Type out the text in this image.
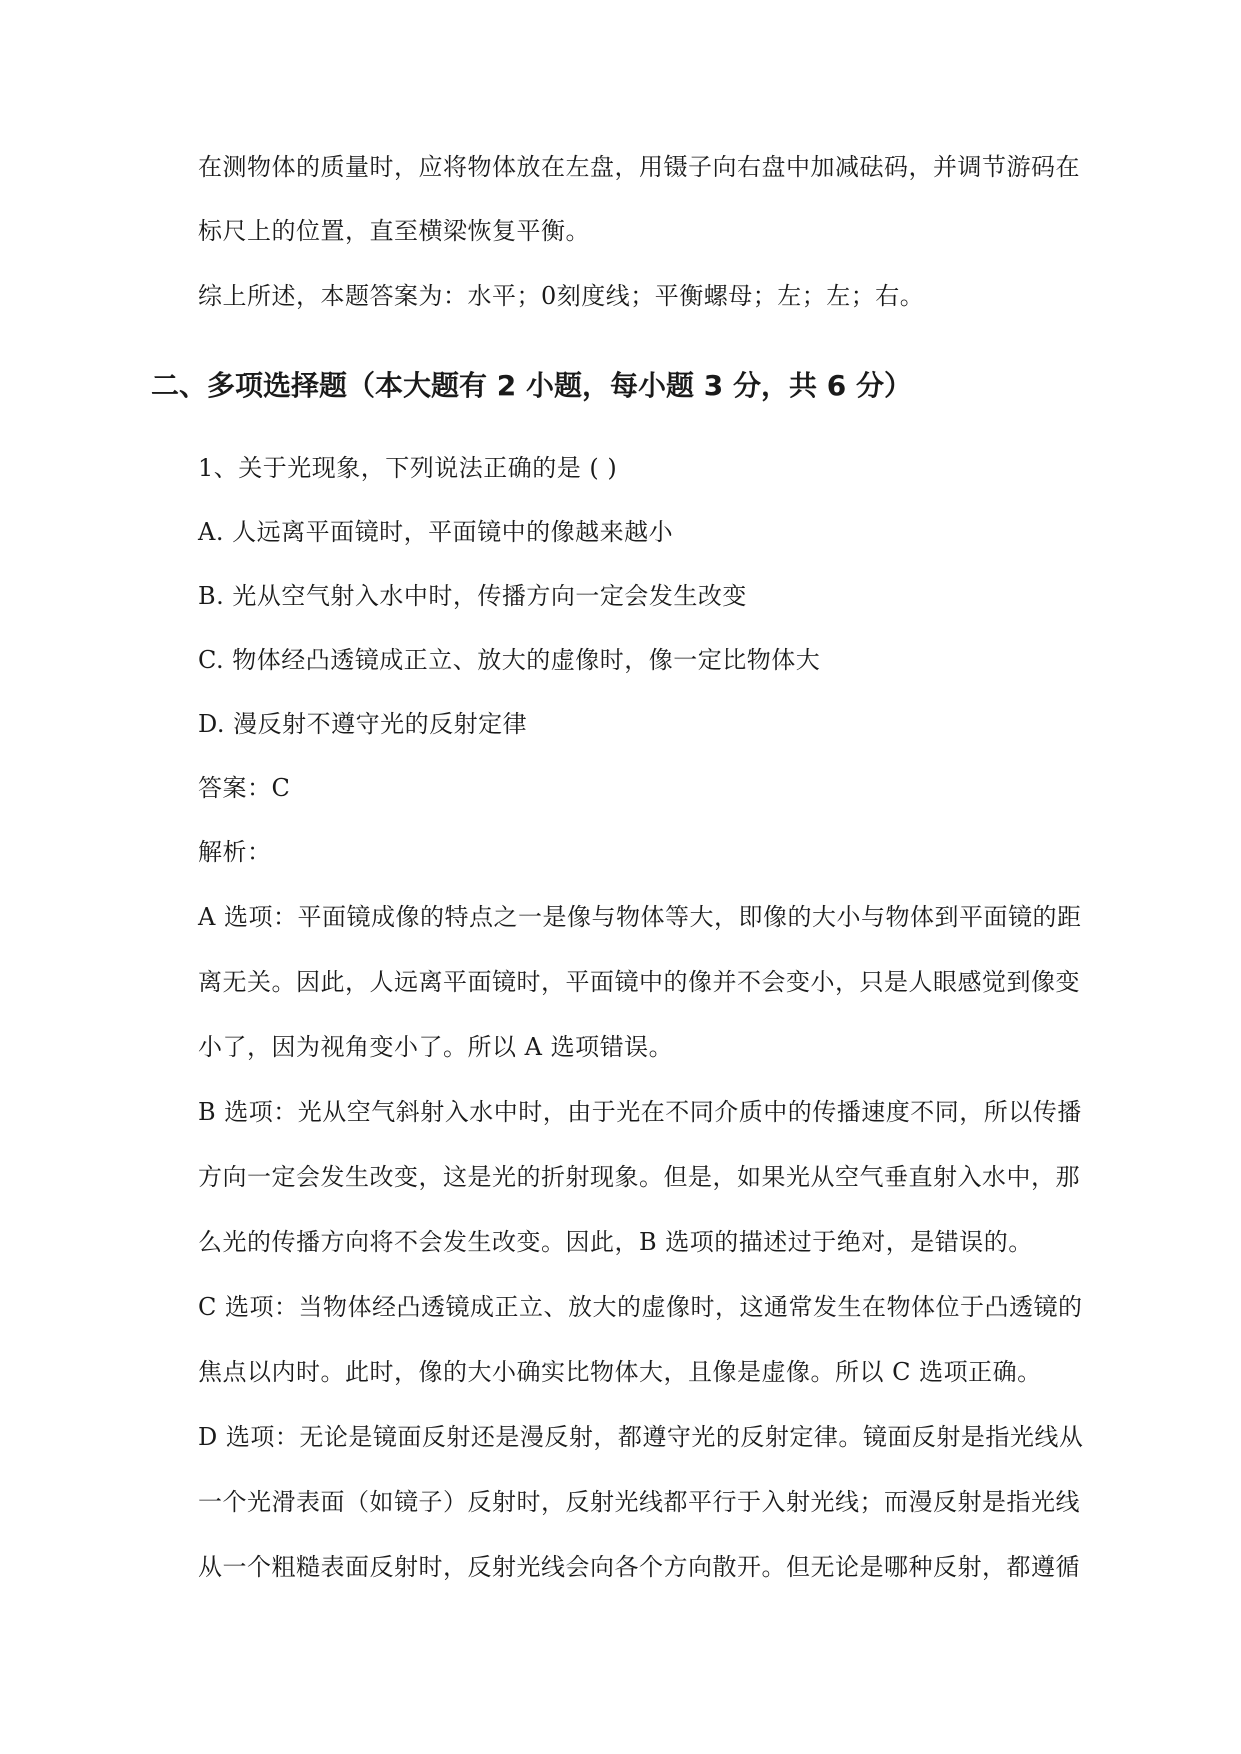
在测物体的质量时，应将物体放在左盘，用镊子向右盘中加减砝码，并调节游码在
标尺上的位置，直至横梁恢复平衡。
综上所述，本题答案为：水平；0刻度线；平衡螺母；左；左；右。
二、多项选择题（本大题有 2 小题，每小题 3 分，共 6 分）
1、关于光现象，下列说法正确的是 ( )
A. 人远离平面镜时，平面镜中的像越来越小
B. 光从空气射入水中时，传播方向一定会发生改变
C. 物体经凸透镜成正立、放大的虚像时，像一定比物体大
D. 漫反射不遵守光的反射定律
答案：C
解析：
A 选项：平面镜成像的特点之一是像与物体等大，即像的大小与物体到平面镜的距
离无关。因此，人远离平面镜时，平面镜中的像并不会变小，只是人眼感觉到像变
小了，因为视角变小了。所以 A 选项错误。
B 选项：光从空气斜射入水中时，由于光在不同介质中的传播速度不同，所以传播
方向一定会发生改变，这是光的折射现象。但是，如果光从空气垂直射入水中，那
么光的传播方向将不会发生改变。因此，B 选项的描述过于绝对，是错误的。
C 选项：当物体经凸透镜成正立、放大的虚像时，这通常发生在物体位于凸透镜的
焦点以内时。此时，像的大小确实比物体大，且像是虚像。所以 C 选项正确。
D 选项：无论是镜面反射还是漫反射，都遵守光的反射定律。镜面反射是指光线从
一个光滑表面（如镜子）反射时，反射光线都平行于入射光线；而漫反射是指光线
从一个粗糙表面反射时，反射光线会向各个方向散开。但无论是哪种反射，都遵循
